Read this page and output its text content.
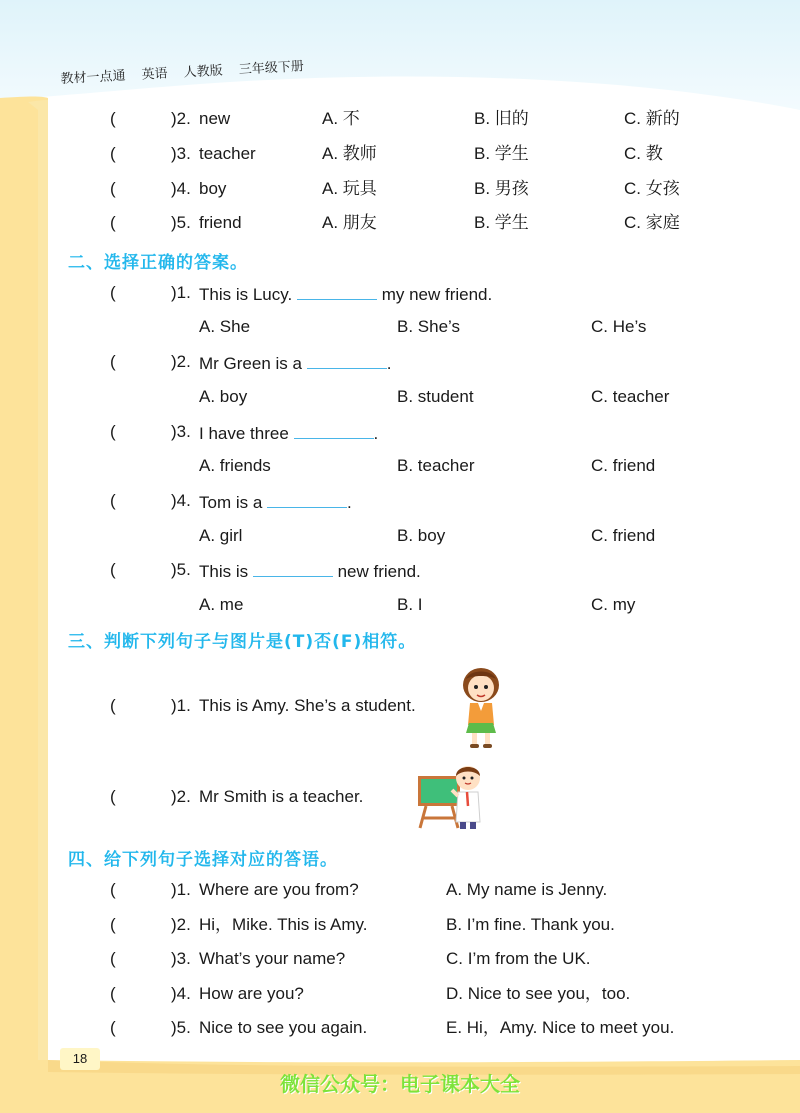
教材一点通 英语 人教版 三年级下册
(	)2. new	A. 不	B. 旧的	C. 新的
(	)3. teacher	A. 教师	B. 学生	C. 教
(	)4. boy	A. 玩具	B. 男孩	C. 女孩
(	)5. friend	A. 朋友	B. 学生	C. 家庭
二、选择正确的答案。
(	)1. This is Lucy.	my new friend.
A. She	B. She’s	C. He’s
(	)2. Mr Green is a	.
A. boy	B. student	C. teacher
(	)3. I have three	.
A. friends	B. teacher	C. friend
(	)4. Tom is a	.
A. girl	B. boy	C. friend
(	)5. This is	new friend.
A. me	B. I	C. my
三、判断下列句子与图片是(T)否(F)相符。
(	)1. This is Amy. She’s a student.
(	)2. Mr Smith is a teacher.
四、给下列句子选择对应的答语。
(	)1. Where are you from?	A. My name is Jenny.
(	)2. Hi，Mike. This is Amy.	B. I’m fine. Thank you.
(	)3. What’s your name?	C. I’m from the UK.
(	)4. How are you?	D. Nice to see you，too.
(	)5. Nice to see you again.	E. Hi，Amy. Nice to meet you.
18
微信公众号：电子课本大全
